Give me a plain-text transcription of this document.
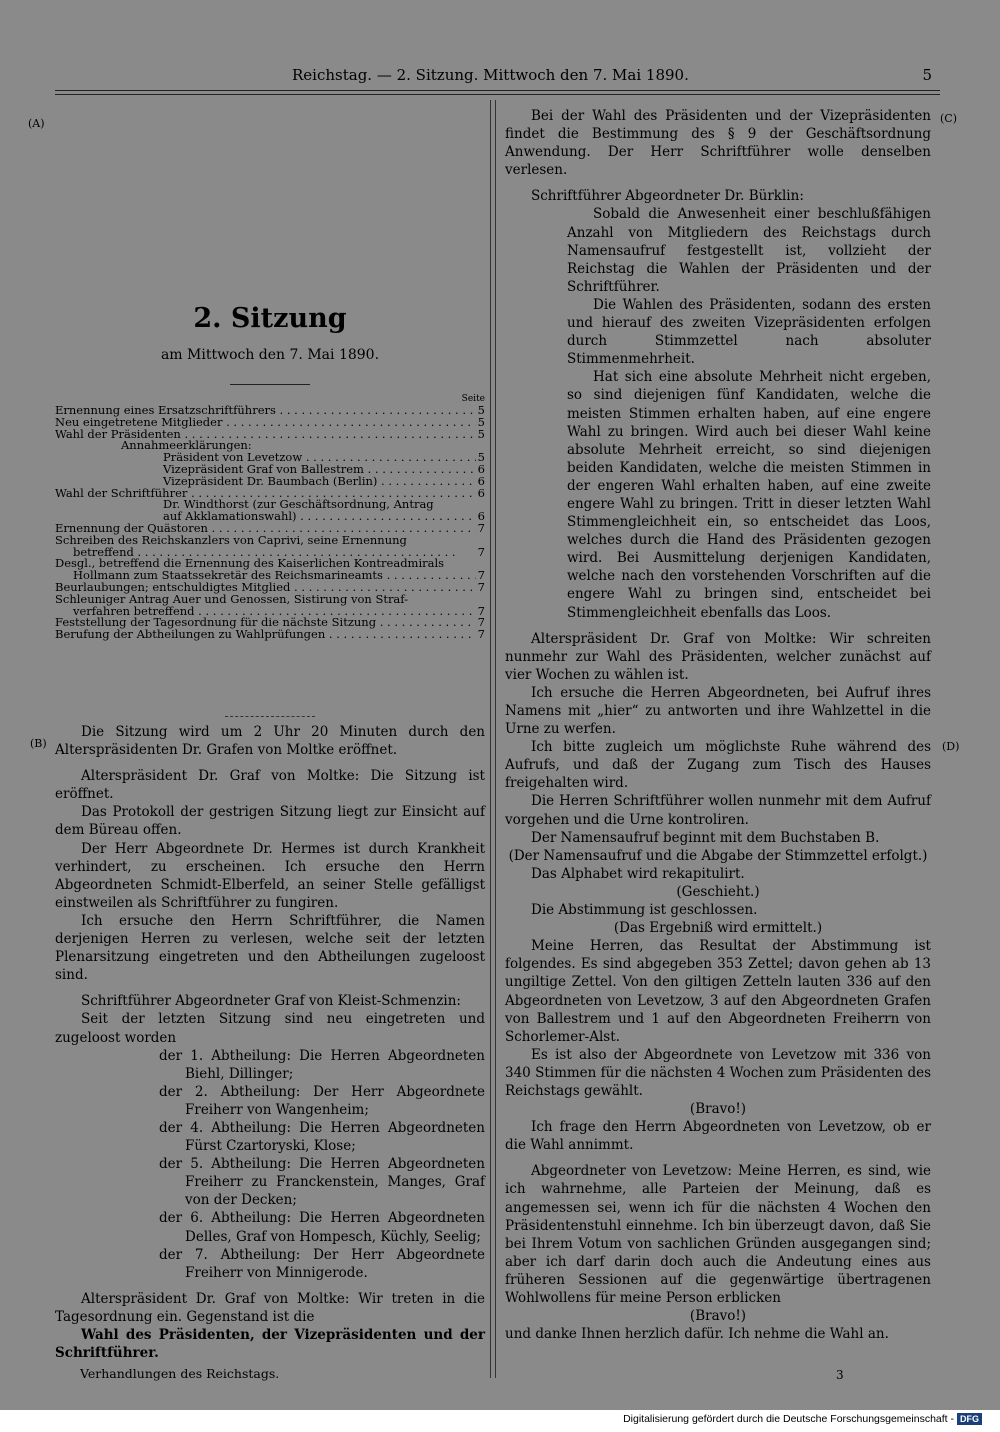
Reichstag. — 2. Sitzung. Mittwoch den 7. Mai 1890.	5
(A)
(B)
(C)
(D)
2. Sitzung
am Mittwoch den 7. Mai 1890.
Seite
Ernennung eines Ersatzschriftführers . . .	5
Neu eingetretene Mitglieder . . .	5
Wahl der Präsidenten . . .	5
Annahmeerklärungen:
Präsident von Levetzow . . .	5
Vizepräsident Graf von Ballestrem . . .	6
Vizepräsident Dr. Baumbach (Berlin) . . .	6
Wahl der Schriftführer . . .	6
Dr. Windthorst (zur Geschäftsordnung, Antrag
auf Akklamationswahl) . . .	6
Ernennung der Quästoren . . .	7
Schreiben des Reichskanzlers von Caprivi, seine Ernennung
betreffend . . .	7
Desgl., betreffend die Ernennung des Kaiserlichen Kontreadmirals
Hollmann zum Staatssekretär des Reichsmarineamts . . .	7
Beurlaubungen; entschuldigtes Mitglied . . .	7
Schleuniger Antrag Auer und Genossen, Sistirung von Straf-
verfahren betreffend . . .	7
Feststellung der Tagesordnung für die nächste Sitzung . . .	7
Berufung der Abtheilungen zu Wahlprüfungen . . .	7

Die Sitzung wird um 2 Uhr 20 Minuten durch den Alterspräsidenten Dr. Grafen von Moltke eröffnet.

Alterspräsident Dr. Graf von Moltke: Die Sitzung ist eröffnet.

Das Protokoll der gestrigen Sitzung liegt zur Einsicht auf dem Büreau offen.

Der Herr Abgeordnete Dr. Hermes ist durch Krankheit verhindert, zu erscheinen. Ich ersuche den Herrn Abgeordneten Schmidt-Elberfeld, an seiner Stelle gefälligst einstweilen als Schriftführer zu fungiren.

Ich ersuche den Herrn Schriftführer, die Namen derjenigen Herren zu verlesen, welche seit der letzten Plenarsitzung eingetreten und den Abtheilungen zugeloost sind.

Schriftführer Abgeordneter Graf von Kleist-Schmenzin:

Seit der letzten Sitzung sind neu eingetreten und zugeloost worden

der 1. Abtheilung: Die Herren Abgeordneten Biehl, Dillinger;

der 2. Abtheilung: Der Herr Abgeordnete Freiherr von Wangenheim;

der 4. Abtheilung: Die Herren Abgeordneten Fürst Czartoryski, Klose;

der 5. Abtheilung: Die Herren Abgeordneten Freiherr zu Franckenstein, Manges, Graf von der Decken;

der 6. Abtheilung: Die Herren Abgeordneten Delles, Graf von Hompesch, Küchly, Seelig;

der 7. Abtheilung: Der Herr Abgeordnete Freiherr von Minnigerode.

Alterspräsident Dr. Graf von Moltke: Wir treten in die Tagesordnung ein. Gegenstand ist die

Wahl des Präsidenten, der Vizepräsidenten und der Schriftführer.

Bei der Wahl des Präsidenten und der Vizepräsidenten findet die Bestimmung des § 9 der Geschäftsordnung Anwendung. Der Herr Schriftführer wolle denselben verlesen.

Schriftführer Abgeordneter Dr. Bürklin:

Sobald die Anwesenheit einer beschlußfähigen Anzahl von Mitgliedern des Reichstags durch Namensaufruf festgestellt ist, vollzieht der Reichstag die Wahlen der Präsidenten und der Schriftführer.

Die Wahlen des Präsidenten, sodann des ersten und hierauf des zweiten Vizepräsidenten erfolgen durch Stimmzettel nach absoluter Stimmenmehrheit.

Hat sich eine absolute Mehrheit nicht ergeben, so sind diejenigen fünf Kandidaten, welche die meisten Stimmen erhalten haben, auf eine engere Wahl zu bringen. Wird auch bei dieser Wahl keine absolute Mehrheit erreicht, so sind diejenigen beiden Kandidaten, welche die meisten Stimmen in der engeren Wahl erhalten haben, auf eine zweite engere Wahl zu bringen. Tritt in dieser letzten Wahl Stimmengleichheit ein, so entscheidet das Loos, welches durch die Hand des Präsidenten gezogen wird. Bei Ausmittelung derjenigen Kandidaten, welche nach den vorstehenden Vorschriften auf die engere Wahl zu bringen sind, entscheidet bei Stimmengleichheit ebenfalls das Loos.

Alterspräsident Dr. Graf von Moltke: Wir schreiten nunmehr zur Wahl des Präsidenten, welcher zunächst auf vier Wochen zu wählen ist.

Ich ersuche die Herren Abgeordneten, bei Aufruf ihres Namens mit „hier“ zu antworten und ihre Wahlzettel in die Urne zu werfen.

Ich bitte zugleich um möglichste Ruhe während des Aufrufs, und daß der Zugang zum Tisch des Hauses freigehalten wird.

Die Herren Schriftführer wollen nunmehr mit dem Aufruf vorgehen und die Urne kontroliren.

Der Namensaufruf beginnt mit dem Buchstaben B.

(Der Namensaufruf und die Abgabe der Stimmzettel erfolgt.)

Das Alphabet wird rekapitulirt.

(Geschieht.)

Die Abstimmung ist geschlossen.

(Das Ergebniß wird ermittelt.)

Meine Herren, das Resultat der Abstimmung ist folgendes. Es sind abgegeben 353 Zettel; davon gehen ab 13 ungiltige Zettel. Von den giltigen Zetteln lauten 336 auf den Abgeordneten von Levetzow, 3 auf den Abgeordneten Grafen von Ballestrem und 1 auf den Abgeordneten Freiherrn von Schorlemer-Alst.

Es ist also der Abgeordnete von Levetzow mit 336 von 340 Stimmen für die nächsten 4 Wochen zum Präsidenten des Reichstags gewählt.

(Bravo!)

Ich frage den Herrn Abgeordneten von Levetzow, ob er die Wahl annimmt.

Abgeordneter von Levetzow: Meine Herren, es sind, wie ich wahrnehme, alle Parteien der Meinung, daß es angemessen sei, wenn ich für die nächsten 4 Wochen den Präsidentenstuhl einnehme. Ich bin überzeugt davon, daß Sie bei Ihrem Votum von sachlichen Gründen ausgegangen sind; aber ich darf darin doch auch die Andeutung eines aus früheren Sessionen auf die gegenwärtige übertragenen Wohlwollens für meine Person erblicken

(Bravo!)

und danke Ihnen herzlich dafür. Ich nehme die Wahl an.

Verhandlungen des Reichstags.	3
Digitalisierung gefördert durch die Deutsche Forschungsgemeinschaft - DFG
